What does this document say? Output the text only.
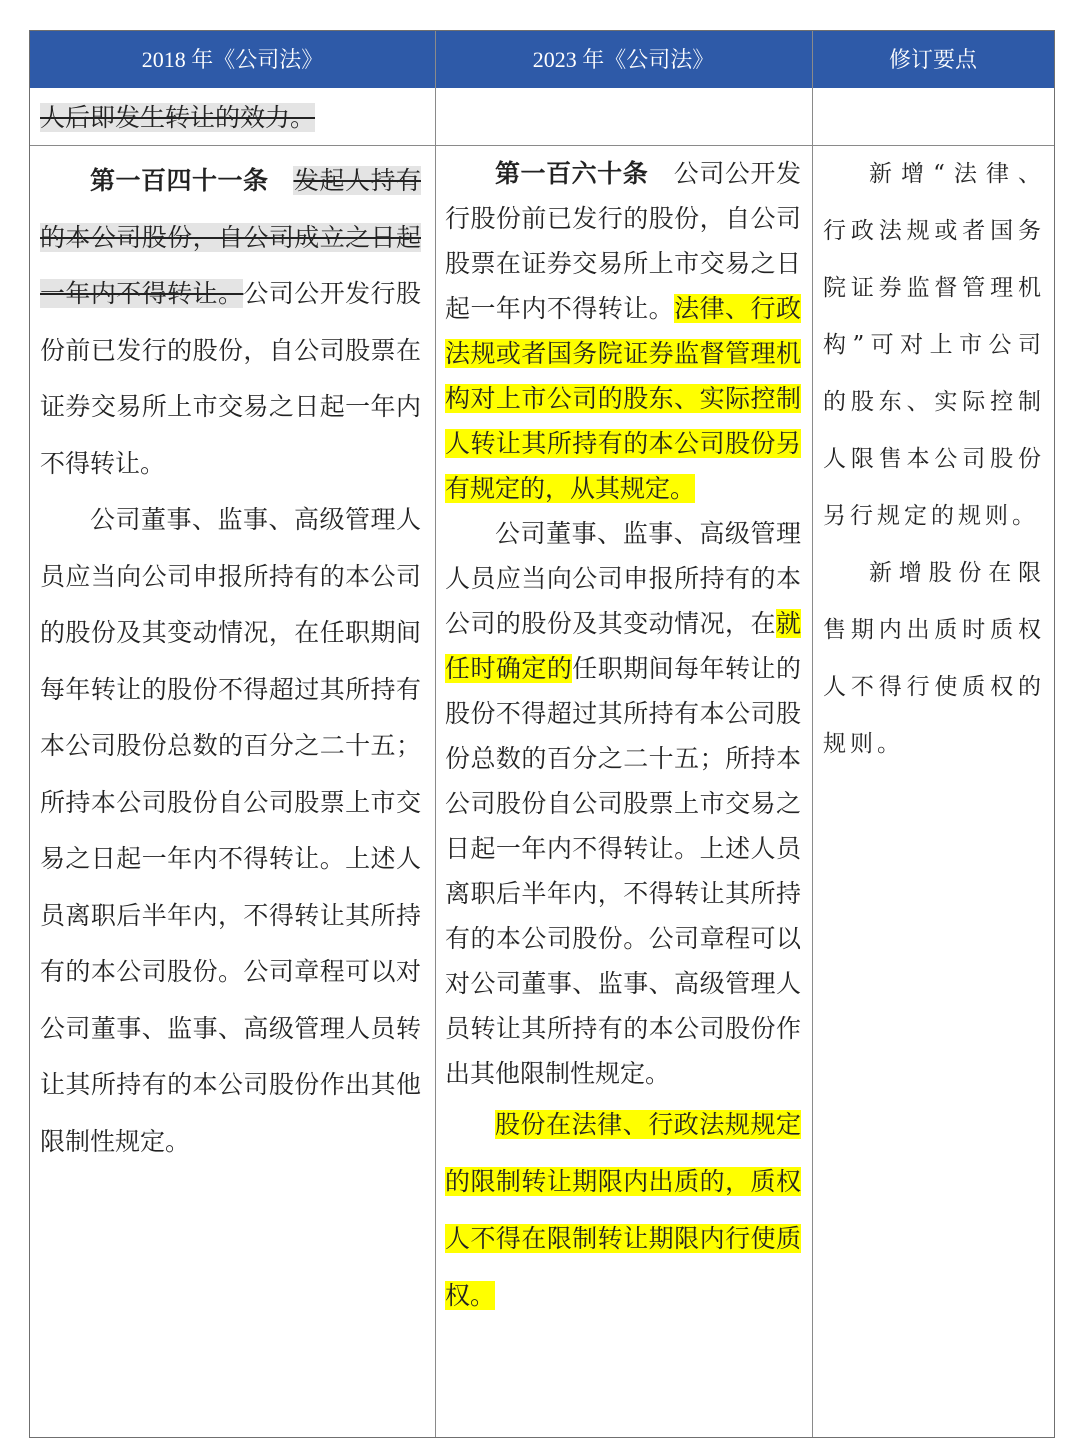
2018 年《公司法》	2023 年《公司法》	修订要点

人后即发生转让的效力。

第一百四十一条  发起人持有的本公司股份，自公司成立之日起一年内不得转让。公司公开发行股份前已发行的股份，自公司股票在证券交易所上市交易之日起一年内不得转让。

公司董事、监事、高级管理人员应当向公司申报所持有的本公司的股份及其变动情况，在任职期间每年转让的股份不得超过其所持有本公司股份总数的百分之二十五；所持本公司股份自公司股票上市交易之日起一年内不得转让。上述人员离职后半年内，不得转让其所持有的本公司股份。公司章程可以对公司董事、监事、高级管理人员转让其所持有的本公司股份作出其他限制性规定。

第一百六十条  公司公开发行股份前已发行的股份，自公司股票在证券交易所上市交易之日起一年内不得转让。法律、行政法规或者国务院证券监督管理机构对上市公司的股东、实际控制人转让其所持有的本公司股份另有规定的，从其规定。

公司董事、监事、高级管理人员应当向公司申报所持有的本公司的股份及其变动情况，在就任时确定的任职期间每年转让的股份不得超过其所持有本公司股份总数的百分之二十五；所持本公司股份自公司股票上市交易之日起一年内不得转让。上述人员离职后半年内，不得转让其所持有的本公司股份。公司章程可以对公司董事、监事、高级管理人员转让其所持有的本公司股份作出其他限制性规定。

股份在法律、行政法规规定的限制转让期限内出质的，质权人不得在限制转让期限内行使质权。

新增“法律、行政法规或者国务院证券监督管理机构”可对上市公司的股东、实际控制人限售本公司股份另行规定的规则。

新增股份在限售期内出质时质权人不得行使质权的规则。
